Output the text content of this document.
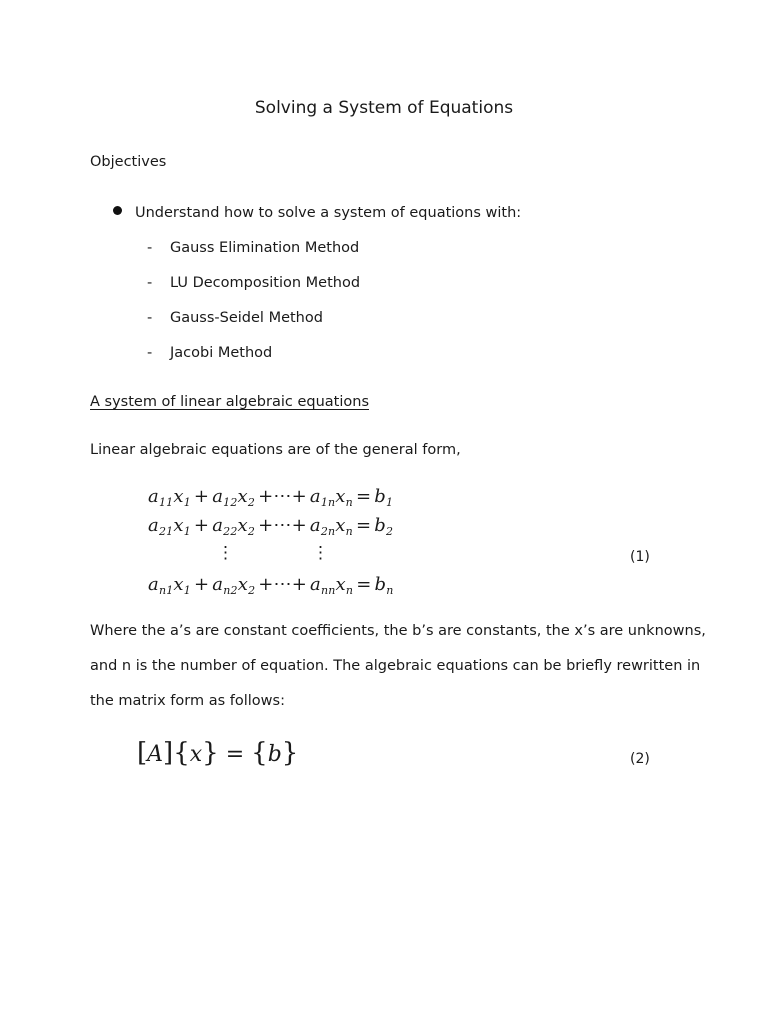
Solving a System of Equations
Objectives
Understand how to solve a system of equations with:
- Gauss Elimination Method
- LU Decomposition Method
- Gauss-Seidel Method
- Jacobi Method
A system of linear algebraic equations
Linear algebraic equations are of the general form,
$a_{11}x_1 + a_{12}x_2$ +⋯+ $a_{1n}x_n = b_1$
$a_{21}x_1 + a_{22}x_2$ +⋯+ $a_{2n}x_n = b_2$
⋮	⋮
$a_{n1}x_1 + a_{n2}x_2$ +⋯+ $a_{nn}x_n = b_n$
(1)
Where the a’s are constant coefficients, the b’s are constants, the x’s are unknowns,
and n is the number of equation. The algebraic equations can be briefly rewritten in
the matrix form as follows:
[A]{x} = {b}	(2)
